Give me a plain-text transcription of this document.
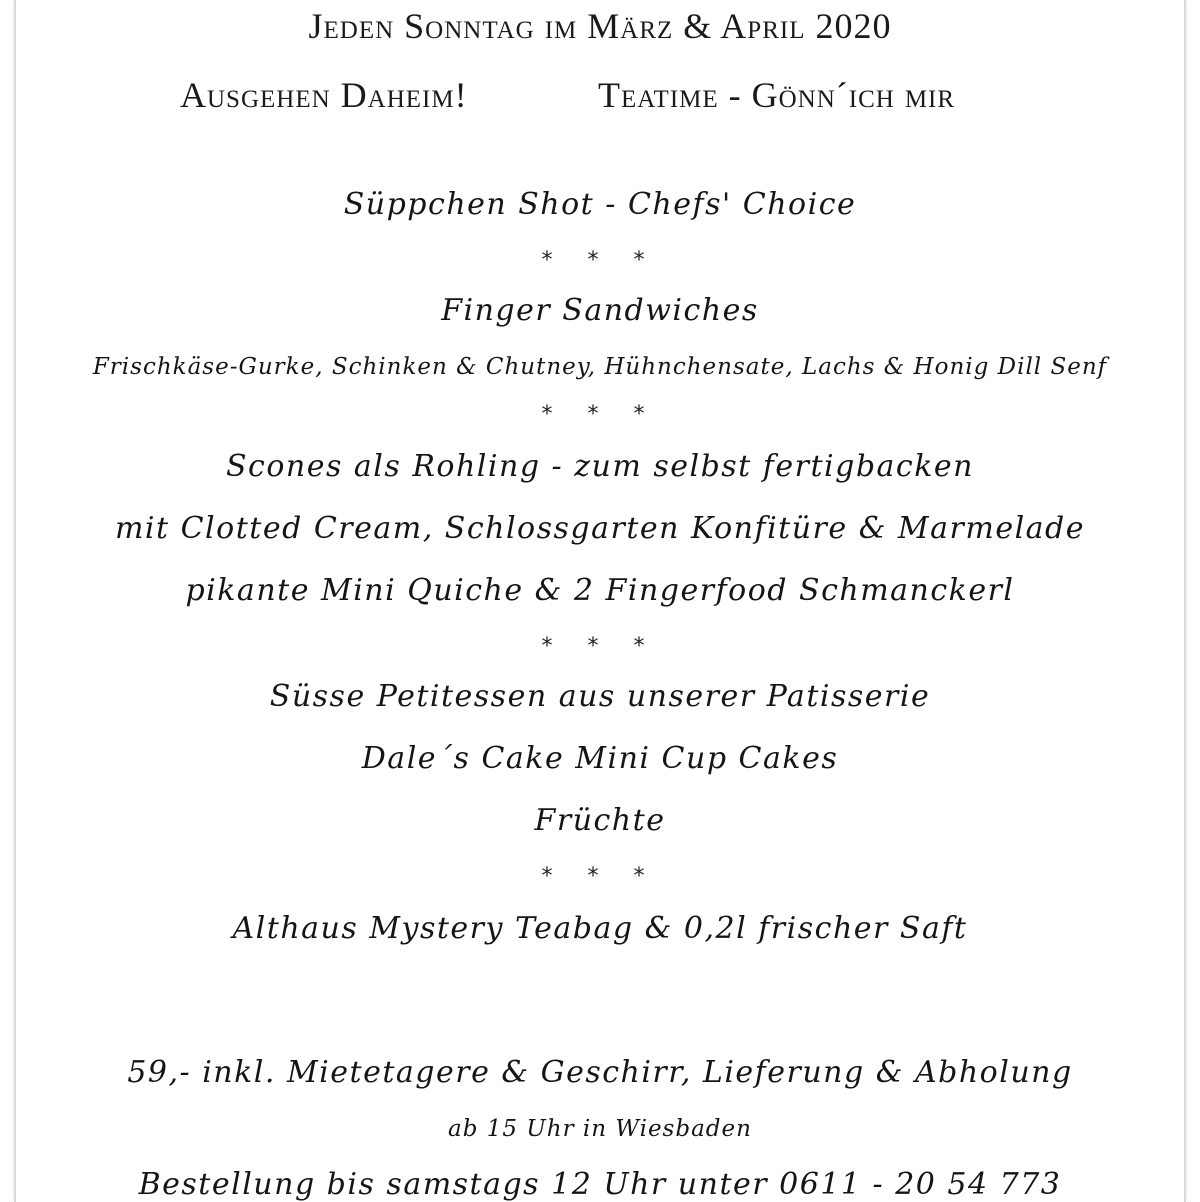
Jeden Sonntag im März & April 2020
Ausgehen Daheim!	Teatime - Gönn´ich mir
Süppchen Shot - Chefs' Choice
* * *
Finger Sandwiches
Frischkäse-Gurke, Schinken & Chutney, Hühnchensate, Lachs & Honig Dill Senf
* * *
Scones als Rohling - zum selbst fertigbacken
mit Clotted Cream, Schlossgarten Konfitüre & Marmelade
pikante Mini Quiche & 2 Fingerfood Schmanckerl
* * *
Süsse Petitessen aus unserer Patisserie
Dale´s Cake Mini Cup Cakes
Früchte
* * *
Althaus Mystery Teabag & 0,2l frischer Saft
59,- inkl. Mietetagere & Geschirr, Lieferung & Abholung
ab 15 Uhr in Wiesbaden
Bestellung bis samstags 12 Uhr unter 0611 - 20 54 773
